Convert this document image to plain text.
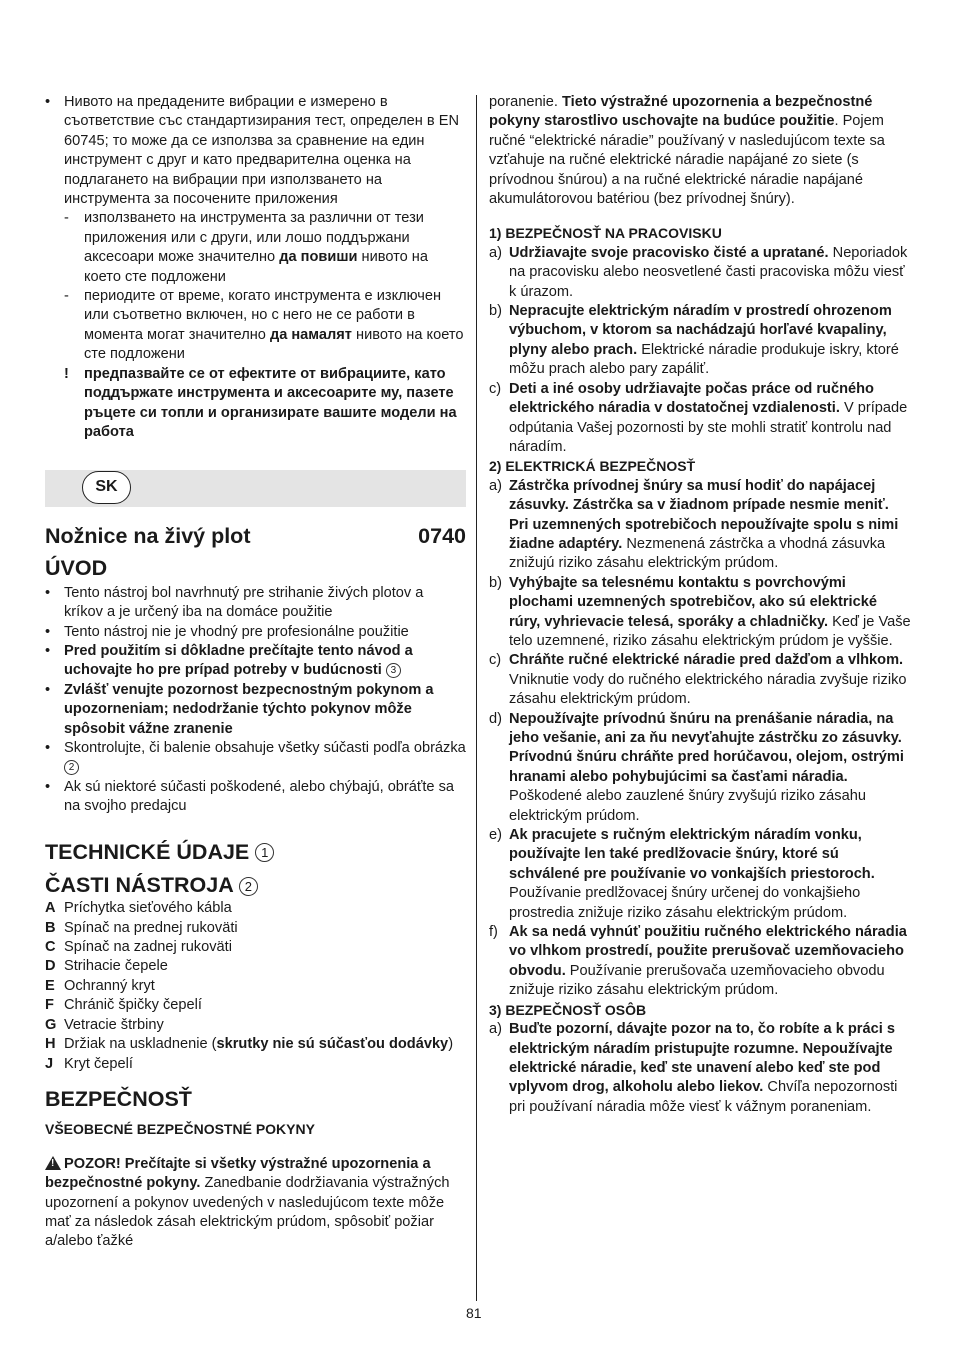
• Нивото на предадените вибрации е измерено в съответствие със стандартизирания тест, определен в EN 60745; то може да се използва за сравнение на един инструмент с друг и като предварителна оценка на подлагането на вибрации при използването на инструмента за посочените приложения
- използването на инструмента за различни от тези приложения или с други, или лошо поддържани аксесоари може значително да повиши нивото на което сте подложени
- периодите от време, когато инструмента е изключен или съответно включен, но с него не се работи в момента могат значително да намалят нивото на което сте подложени

! предпазвайте се от ефектите от вибрациите, като поддържате инструмента и аксесоарите му, пазете ръцете си топли и организирате вашите модели на работа

SK
Nožnice na živý plot	0740
ÚVOD
• Tento nástroj bol navrhnutý pre strihanie živých plotov a kríkov a je určený iba na domáce použitie
• Tento nástroj nie je vhodný pre profesionálne použitie
• Pred použitím si dôkladne prečítajte tento návod a uchovajte ho pre prípad potreby v budúcnosti 3
• Zvlášť venujte pozornost bezpecnostným pokynom a upozorneniam; nedodržanie týchto pokynov môže spôsobit vážne zranenie
• Skontrolujte, či balenie obsahuje všetky súčasti podľa obrázka 2
• Ak sú niektoré súčasti poškodené, alebo chýbajú, obráťte sa na svojho predajcu
TECHNICKÉ ÚDAJE 1
ČASTI NÁSTROJA 2
A Príchytka sieťového kábla
B Spínač na prednej rukoväti
C Spínač na zadnej rukoväti
D Strihacie čepele
E Ochranný kryt
F Chránič špičky čepelí
G Vetracie štrbiny
H Držiak na uskladnenie (skrutky nie sú súčasťou dodávky)
J Kryt čepelí
BEZPEČNOSŤ

VŠEOBECNÉ BEZPEČNOSTNÉ POKYNY

!POZOR! Prečítajte si všetky výstražné upozornenia a bezpečnostné pokyny. Zanedbanie dodržiavania výstražných upozornení a pokynov uvedených v nasledujúcom texte môže mať za následok zásah elektrickým prúdom, spôsobiť požiar a/alebo ťažké

poranenie. Tieto výstražné upozornenia a bezpečnostné pokyny starostlivo uschovajte na budúce použitie. Pojem ručné “elektrické náradie” používaný v nasledujúcom texte sa vzťahuje na ručné elektrické náradie napájané zo siete (s prívodnou šnúrou) a na ručné elektrické náradie napájané akumulátorovou batériou (bez prívodnej šnúry).

1) BEZPEČNOSŤ NA PRACOVISKU

a) Udržiavajte svoje pracovisko čisté a upratané. Neporiadok na pracovisku alebo neosvetlené časti pracoviska môžu viesť k úrazom.
b) Nepracujte elektrickým náradím v prostredí ohrozenom výbuchom, v ktorom sa nachádzajú horľavé kvapaliny, plyny alebo prach. Elektrické náradie produkuje iskry, ktoré môžu prach alebo pary zapáliť.
c) Deti a iné osoby udržiavajte počas práce od ručného elektrického náradia v dostatočnej vzdialenosti. V prípade odpútania Vašej pozornosti by ste mohli stratiť kontrolu nad náradím.

2) ELEKTRICKÁ BEZPEČNOSŤ

a) Zástrčka prívodnej šnúry sa musí hodiť do napájacej zásuvky. Zástrčka sa v žiadnom prípade nesmie meniť. Pri uzemnených spotrebičoch nepoužívajte spolu s nimi žiadne adaptéry. Nezmenená zástrčka a vhodná zásuvka znižujú riziko zásahu elektrickým prúdom.
b) Vyhýbajte sa telesnému kontaktu s povrchovými plochami uzemnených spotrebičov, ako sú elektrické rúry, vyhrievacie telesá, sporáky a chladničky. Keď je Vaše telo uzemnené, riziko zásahu elektrickým prúdom je vyššie.
c) Chráňte ručné elektrické náradie pred dažďom a vlhkom. Vniknutie vody do ručného elektrického náradia zvyšuje riziko zásahu elektrickým prúdom.
d) Nepoužívajte prívodnú šnúru na prenášanie náradia, na jeho vešanie, ani za ňu nevyťahujte zástrčku zo zásuvky. Prívodnú šnúru chráňte pred horúčavou, olejom, ostrými hranami alebo pohybujúcimi sa časťami náradia. Poškodené alebo zauzlené šnúry zvyšujú riziko zásahu elektrickým prúdom.
e) Ak pracujete s ručným elektrickým náradím vonku, používajte len také predlžovacie šnúry, ktoré sú schválené pre používanie vo vonkajších priestoroch. Používanie predlžovacej šnúry určenej do vonkajšieho prostredia znižuje riziko zásahu elektrickým prúdom.
f) Ak sa nedá vyhnúť použitiu ručného elektrického náradia vo vlhkom prostredí, použite prerušovač uzemňovacieho obvodu. Používanie prerušovača uzemňovacieho obvodu znižuje riziko zásahu elektrickým prúdom.

3) BEZPEČNOSŤ OSÔB

a) Buďte pozorní, dávajte pozor na to, čo robíte a k práci s elektrickým náradím pristupujte rozumne. Nepoužívajte elektrické náradie, keď ste unavení alebo keď ste pod vplyvom drog, alkoholu alebo liekov. Chvíľa nepozornosti pri používaní náradia môže viesť k vážnym poraneniam.
81
